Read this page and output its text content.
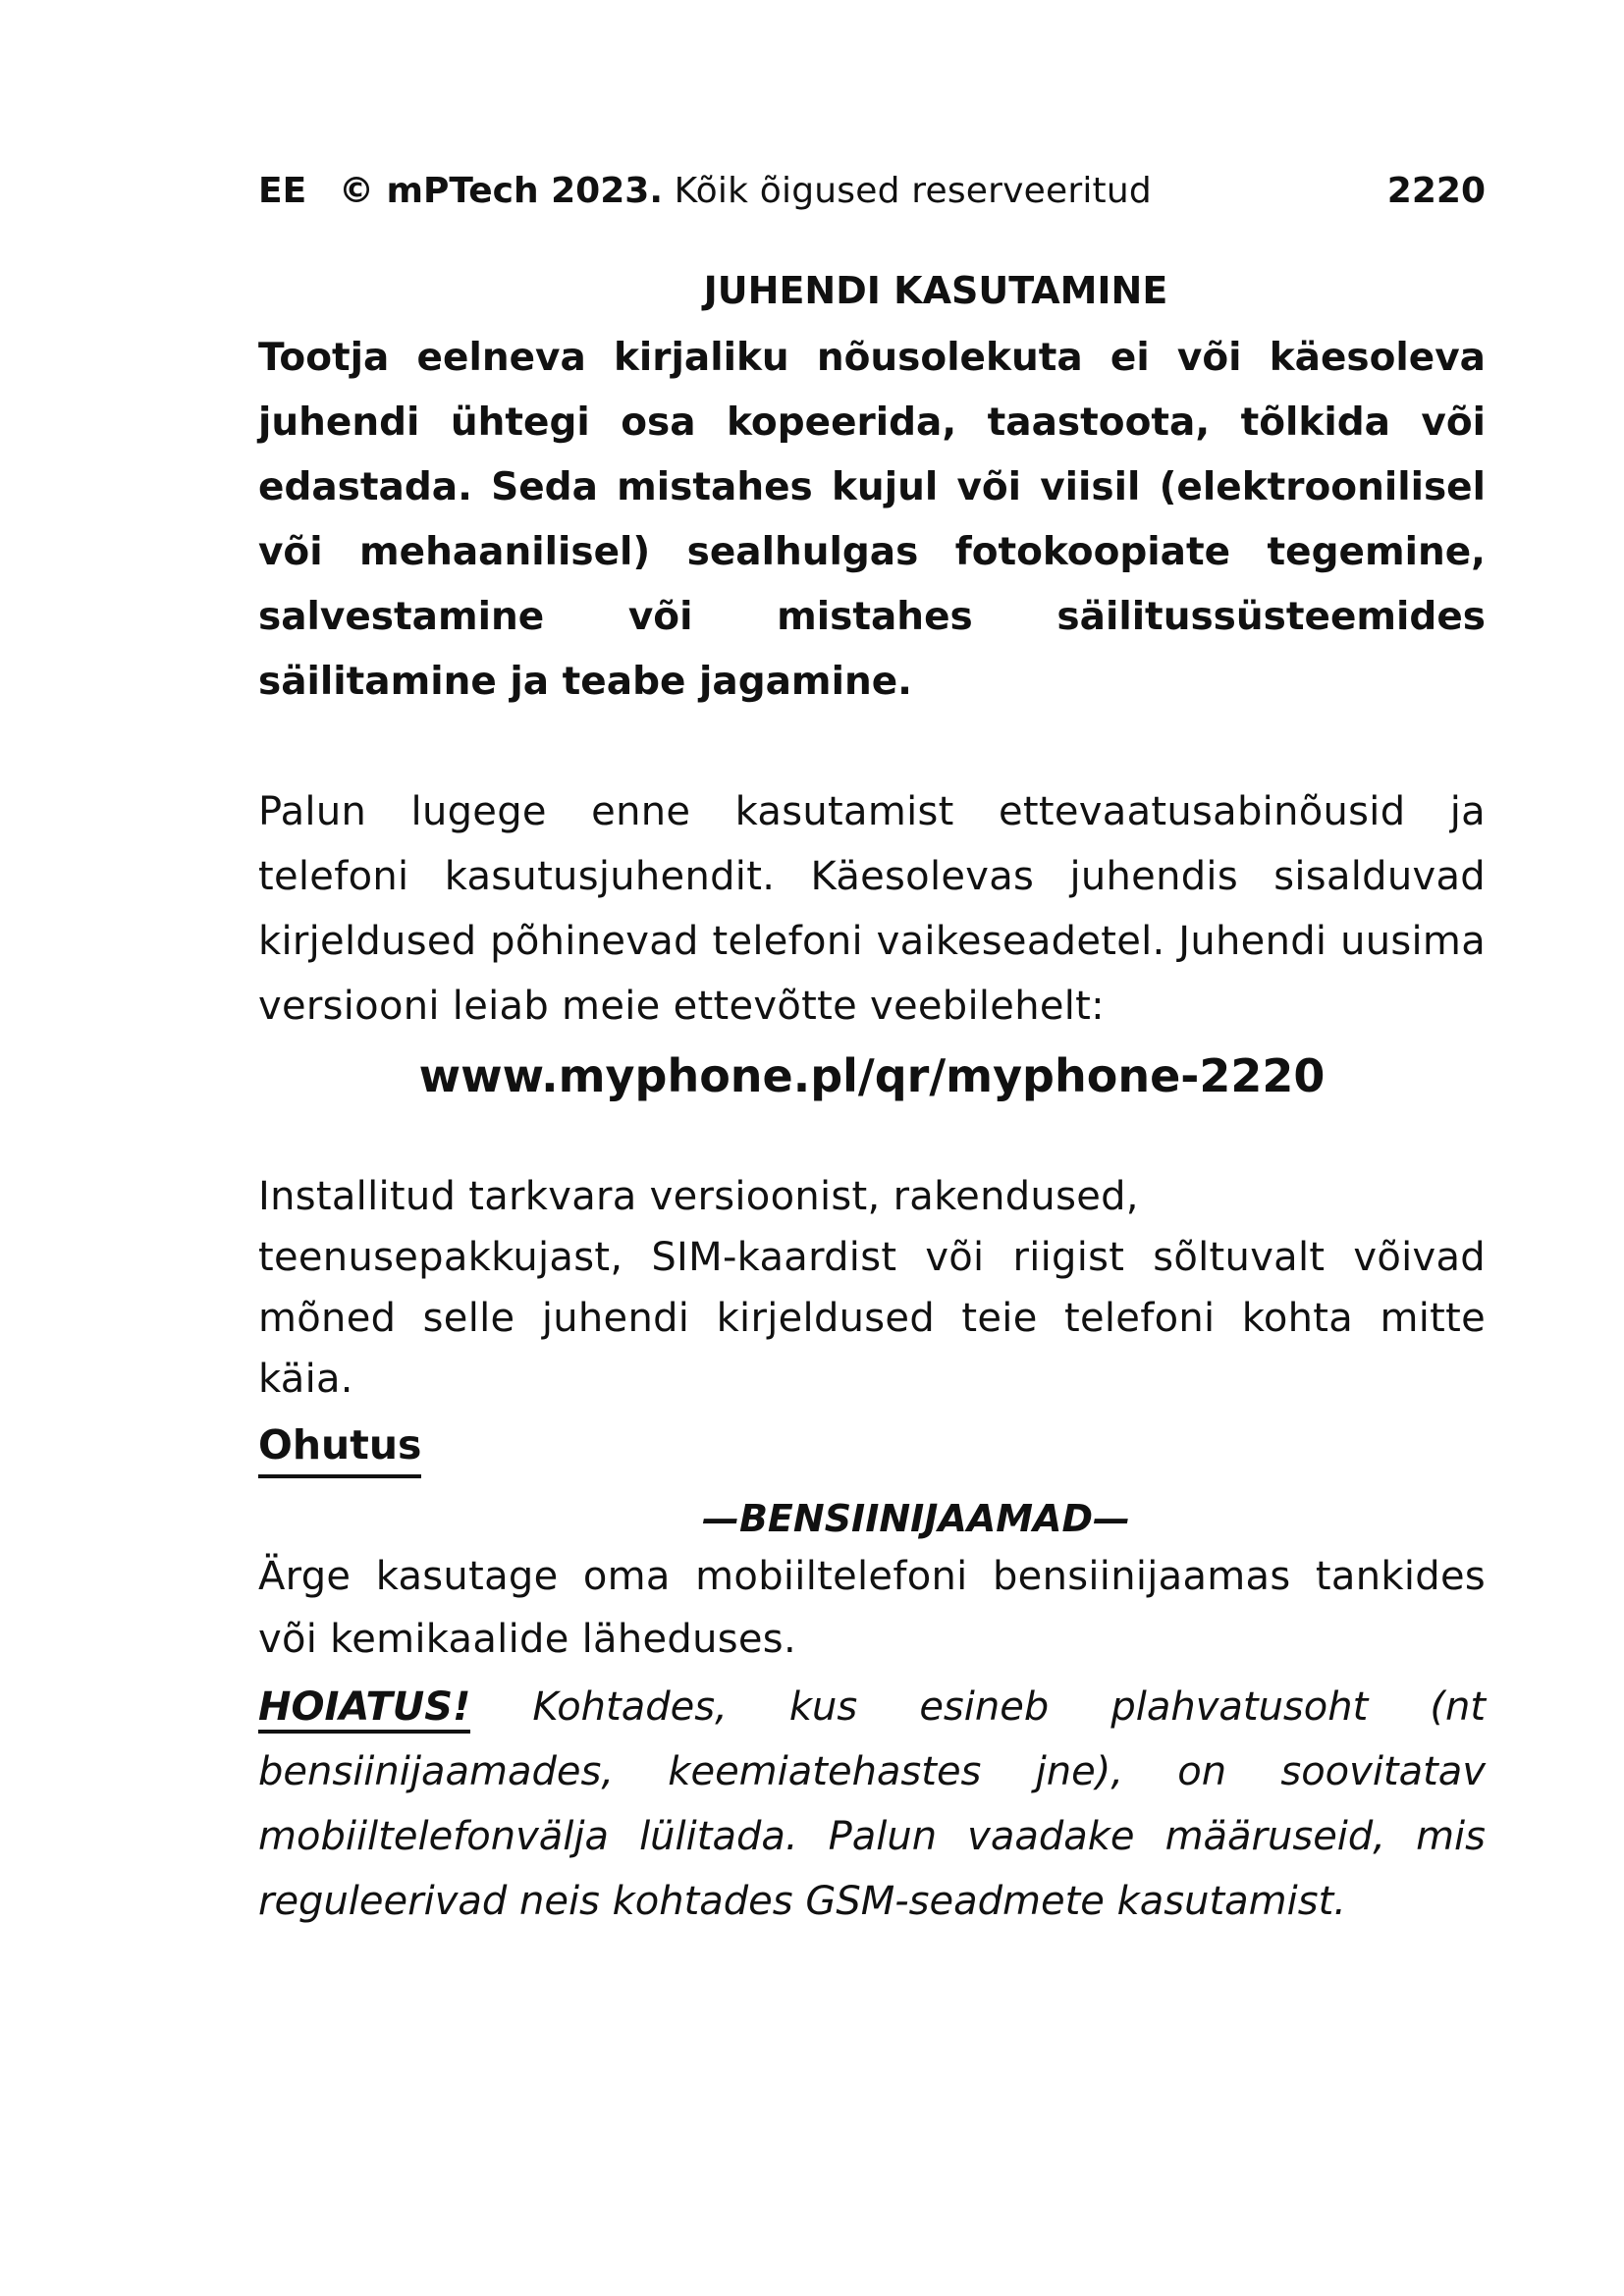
EE © mPTech 2023. Kõik õigused reserveeritud	2220
JUHENDI KASUTAMINE
Tootja eelneva kirjaliku nõusolekuta ei või käesoleva juhendi ühtegi osa kopeerida, taastoota, tõlkida või edastada. Seda mistahes kujul või viisil (elektroonilisel või mehaanilisel) sealhulgas fotokoopiate tegemine, salvestamine või mistahes säilitussüsteemides säilitamine ja teabe jagamine.
Palun lugege enne kasutamist ettevaatusabinõusid ja telefoni kasutusjuhendit. Käesolevas juhendis sisalduvad kirjeldused põhinevad telefoni vaikeseadetel. Juhendi uusima versiooni leiab meie ettevõtte veebilehelt:
www.myphone.pl/qr/myphone-2220
Installitud tarkvara versioonist, rakendused,
teenusepakkujast, SIM-kaardist või riigist sõltuvalt võivad mõned selle juhendi kirjeldused teie telefoni kohta mitte käia.
Ohutus
—BENSIINIJAAMAD—
Ärge kasutage oma mobiiltelefoni bensiinijaamas tankides või kemikaalide läheduses.
HOIATUS! Kohtades, kus esineb plahvatusoht (nt bensiinijaamades, keemiatehastes jne), on soovitatav mobiiltelefonvälja lülitada. Palun vaadake määruseid, mis reguleerivad neis kohtades GSM-seadmete kasutamist.
